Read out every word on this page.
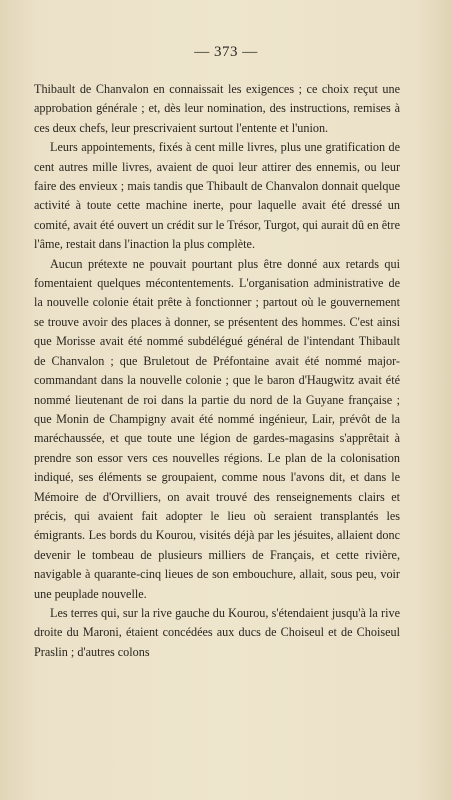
— 373 —

Thibault de Chanvalon en connaissait les exigences ; ce choix reçut une approbation générale ; et, dès leur nomination, des instructions, remises à ces deux chefs, leur prescrivaient surtout l'entente et l'union.

Leurs appointements, fixés à cent mille livres, plus une gratification de cent autres mille livres, avaient de quoi leur attirer des ennemis, ou leur faire des envieux ; mais tandis que Thibault de Chanvalon donnait quelque activité à toute cette machine inerte, pour laquelle avait été dressé un comité, avait été ouvert un crédit sur le Trésor, Turgot, qui aurait dû en être l'âme, restait dans l'inaction la plus complète.

Aucun prétexte ne pouvait pourtant plus être donné aux retards qui fomentaient quelques mécontentements. L'organisation administrative de la nouvelle colonie était prête à fonctionner ; partout où le gouvernement se trouve avoir des places à donner, se présentent des hommes. C'est ainsi que Morisse avait été nommé subdélégué général de l'intendant Thibault de Chanvalon ; que Bruletout de Préfontaine avait été nommé major-commandant dans la nouvelle colonie ; que le baron d'Haugwitz avait été nommé lieutenant de roi dans la partie du nord de la Guyane française ; que Monin de Champigny avait été nommé ingénieur, Lair, prévôt de la maréchaussée, et que toute une légion de gardes-magasins s'apprêtait à prendre son essor vers ces nouvelles régions. Le plan de la colonisation indiqué, ses éléments se groupaient, comme nous l'avons dit, et dans le Mémoire de d'Orvilliers, on avait trouvé des renseignements clairs et précis, qui avaient fait adopter le lieu où seraient transplantés les émigrants. Les bords du Kourou, visités déjà par les jésuites, allaient donc devenir le tombeau de plusieurs milliers de Français, et cette rivière, navigable à quarante-cinq lieues de son embouchure, allait, sous peu, voir une peuplade nouvelle.

Les terres qui, sur la rive gauche du Kourou, s'étendaient jusqu'à la rive droite du Maroni, étaient concédées aux ducs de Choiseul et de Choiseul Praslin ; d'autres colons
